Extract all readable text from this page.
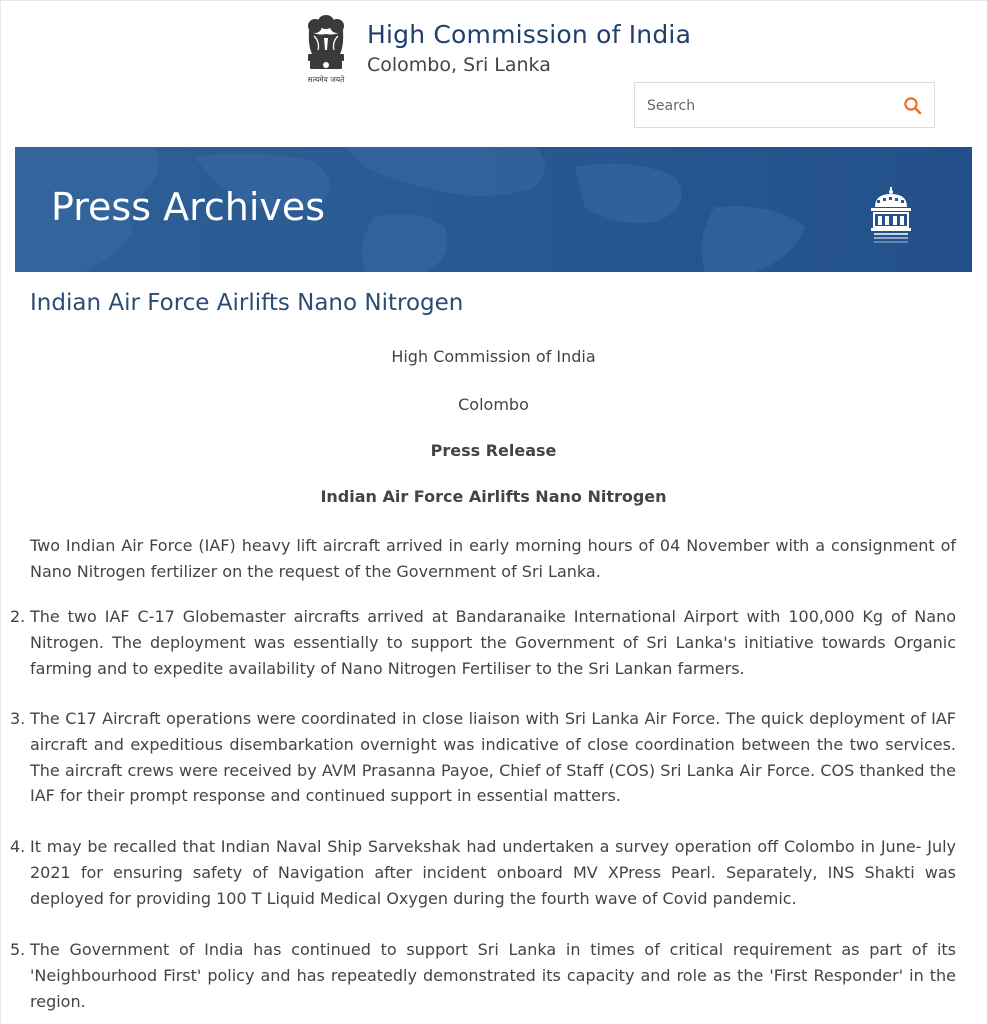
सत्यमेव जयते
High Commission of India
Colombo, Sri Lanka
Search
Press Archives
Indian Air Force Airlifts Nano Nitrogen
High Commission of India
Colombo
Press Release
Indian Air Force Airlifts Nano Nitrogen
Two Indian Air Force (IAF) heavy lift aircraft arrived in early morning hours of 04 November with a consignment of Nano Nitrogen fertilizer on the request of the Government of Sri Lanka.
2. The two IAF C-17 Globemaster aircrafts arrived at Bandaranaike International Airport with 100,000 Kg of Nano Nitrogen. The deployment was essentially to support the Government of Sri Lanka's initiative towards Organic farming and to expedite availability of Nano Nitrogen Fertiliser to the Sri Lankan farmers.
3. The C17 Aircraft operations were coordinated in close liaison with Sri Lanka Air Force. The quick deployment of IAF aircraft and expeditious disembarkation overnight was indicative of close coordination between the two services. The aircraft crews were received by AVM Prasanna Payoe, Chief of Staff (COS) Sri Lanka Air Force. COS thanked the IAF for their prompt response and continued support in essential matters.
4. It may be recalled that Indian Naval Ship Sarvekshak had undertaken a survey operation off Colombo in June- July 2021 for ensuring safety of Navigation after incident onboard MV XPress Pearl. Separately, INS Shakti was deployed for providing 100 T Liquid Medical Oxygen during the fourth wave of Covid pandemic.
5. The Government of India has continued to support Sri Lanka in times of critical requirement as part of its 'Neighbourhood First' policy and has repeatedly demonstrated its capacity and role as the 'First Responder' in the region.
